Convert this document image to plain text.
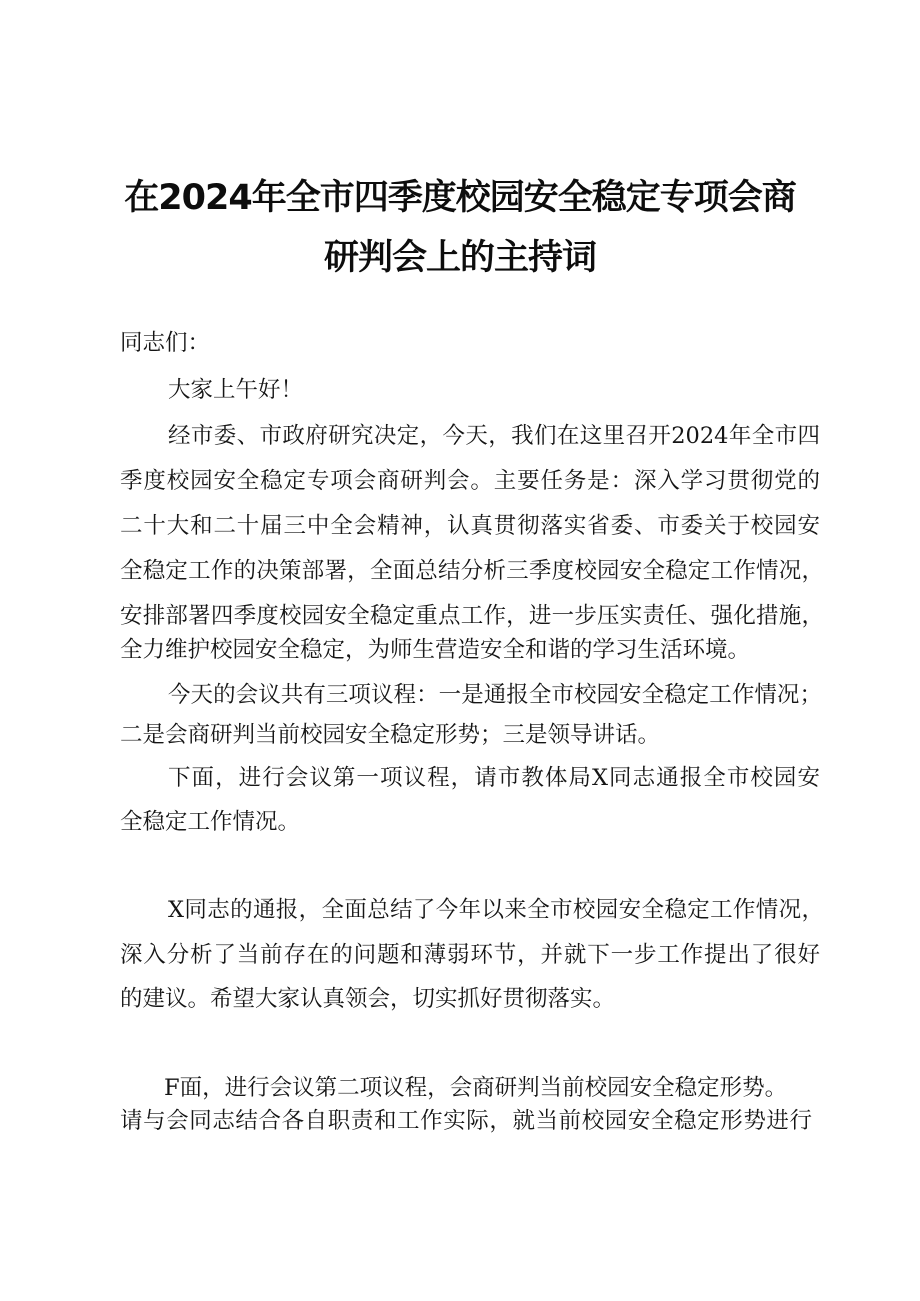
在2024年全市四季度校园安全稳定专项会商
研判会上的主持词
同志们：
大家上午好！
经市委、市政府研究决定，今天，我们在这里召开2024年全市四
季度校园安全稳定专项会商研判会。主要任务是：深入学习贯彻党的
二十大和二十届三中全会精神，认真贯彻落实省委、市委关于校园安
全稳定工作的决策部署，全面总结分析三季度校园安全稳定工作情况，
安排部署四季度校园安全稳定重点工作，进一步压实责任、强化措施，
全力维护校园安全稳定，为师生营造安全和谐的学习生活环境。
今天的会议共有三项议程：一是通报全市校园安全稳定工作情况；
二是会商研判当前校园安全稳定形势；三是领导讲话。
下面，进行会议第一项议程，请市教体局X同志通报全市校园安
全稳定工作情况。
X同志的通报，全面总结了今年以来全市校园安全稳定工作情况，
深入分析了当前存在的问题和薄弱环节，并就下一步工作提出了很好
的建议。希望大家认真领会，切实抓好贯彻落实。
F面，进行会议第二项议程，会商研判当前校园安全稳定形势。
请与会同志结合各自职责和工作实际，就当前校园安全稳定形势进行
